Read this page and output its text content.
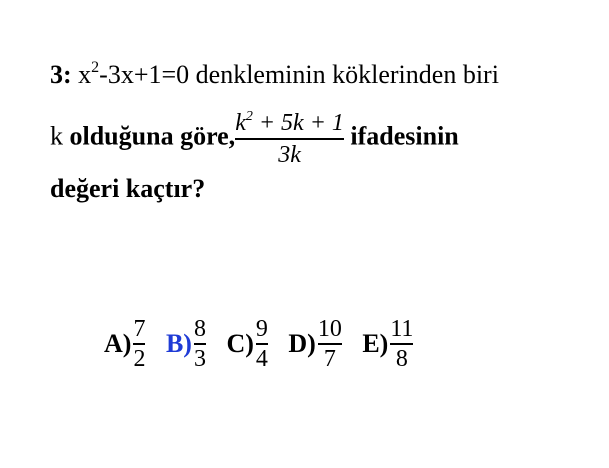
3: $x^2-3x+1=0$ denkleminin köklerinden biri
k olduğuna göre, $\frac{k^2 + 5k + 1}{3k}$ ifadesinin
değeri kaçtır?
$A) \frac{7}{2} B) \frac{8}{3} C) \frac{9}{4} D) \frac{10}{7} E) \frac{11}{8}$
